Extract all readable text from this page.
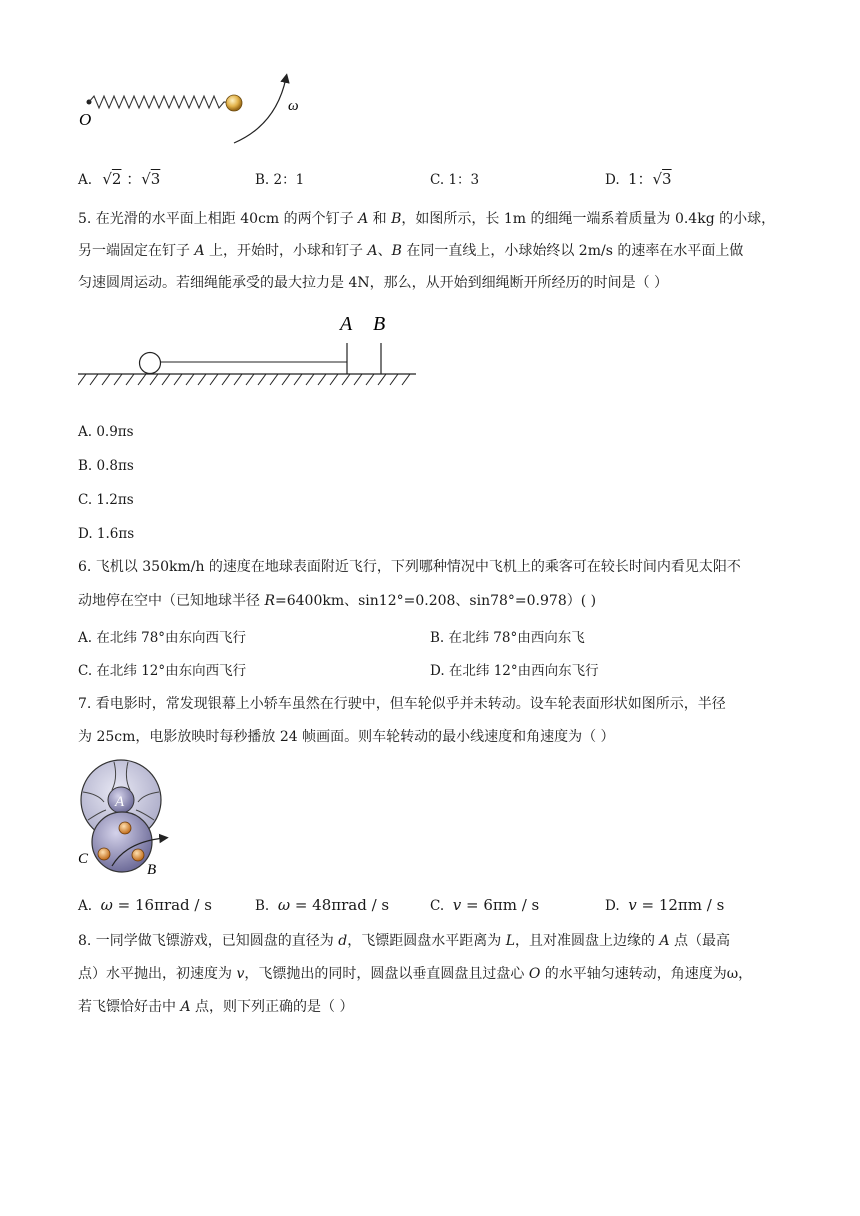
O
ω
A. √2 ：√3	B. 2：1	C. 1：3	D. 1：√3
5. 在光滑的水平面上相距 40cm 的两个钉子 A 和 B，如图所示，长 1m 的细绳一端系着质量为 0.4kg 的小球，
另一端固定在钉子 A 上，开始时，小球和钉子 A、B 在同一直线上，小球始终以 2m/s 的速率在水平面上做
匀速圆周运动。若细绳能承受的最大拉力是 4N，那么，从开始到细绳断开所经历的时间是（ ）
A B
A. 0.9πs
B. 0.8πs
C. 1.2πs
D. 1.6πs
6. 飞机以 350km/h 的速度在地球表面附近飞行，下列哪种情况中飞机上的乘客可在较长时间内看见太阳不
动地停在空中（已知地球半径 R=6400km、sin12°=0.208、sin78°=0.978）( )
A. 在北纬 78°由东向西飞行	B. 在北纬 78°由西向东飞
C. 在北纬 12°由东向西飞行	D. 在北纬 12°由西向东飞行
7. 看电影时，常发现银幕上小轿车虽然在行驶中，但车轮似乎并未转动。设车轮表面形状如图所示，半径
为 25cm，电影放映时每秒播放 24 帧画面。则车轮转动的最小线速度和角速度为（ ）
A
C
B
A. ω = 16πrad / s	B. ω = 48πrad / s	C. v = 6πm / s	D. v = 12πm / s
8. 一同学做飞镖游戏，已知圆盘的直径为 d，飞镖距圆盘水平距离为 L，且对准圆盘上边缘的 A 点（最高
点）水平抛出，初速度为 v，飞镖抛出的同时，圆盘以垂直圆盘且过盘心 O 的水平轴匀速转动，角速度为ω，
若飞镖恰好击中 A 点，则下列正确的是（ ）
